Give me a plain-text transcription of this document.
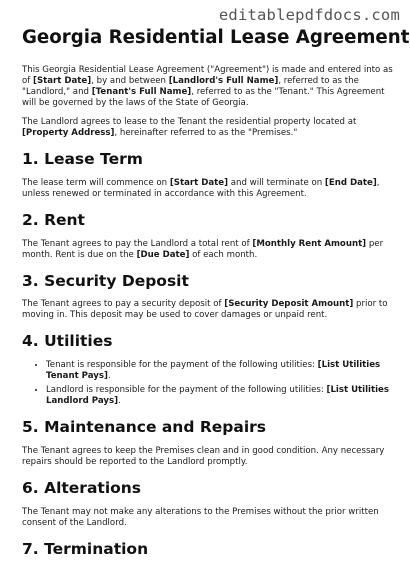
editablepdfdocs.com
Georgia Residential Lease Agreement

This Georgia Residential Lease Agreement ("Agreement") is made and entered into as of [Start Date], by and between [Landlord's Full Name], referred to as the "Landlord," and [Tenant's Full Name], referred to as the "Tenant." This Agreement will be governed by the laws of the State of Georgia.

The Landlord agrees to lease to the Tenant the residential property located at [Property Address], hereinafter referred to as the "Premises."

1. Lease Term

The lease term will commence on [Start Date] and will terminate on [End Date], unless renewed or terminated in accordance with this Agreement.

2. Rent

The Tenant agrees to pay the Landlord a total rent of [Monthly Rent Amount] per month. Rent is due on the [Due Date] of each month.

3. Security Deposit

The Tenant agrees to pay a security deposit of [Security Deposit Amount] prior to moving in. This deposit may be used to cover damages or unpaid rent.

4. Utilities
• Tenant is responsible for the payment of the following utilities: [List Utilities Tenant Pays].
• Landlord is responsible for the payment of the following utilities: [List Utilities Landlord Pays].
5. Maintenance and Repairs

The Tenant agrees to keep the Premises clean and in good condition. Any necessary repairs should be reported to the Landlord promptly.

6. Alterations

The Tenant may not make any alterations to the Premises without the prior written consent of the Landlord.

7. Termination
